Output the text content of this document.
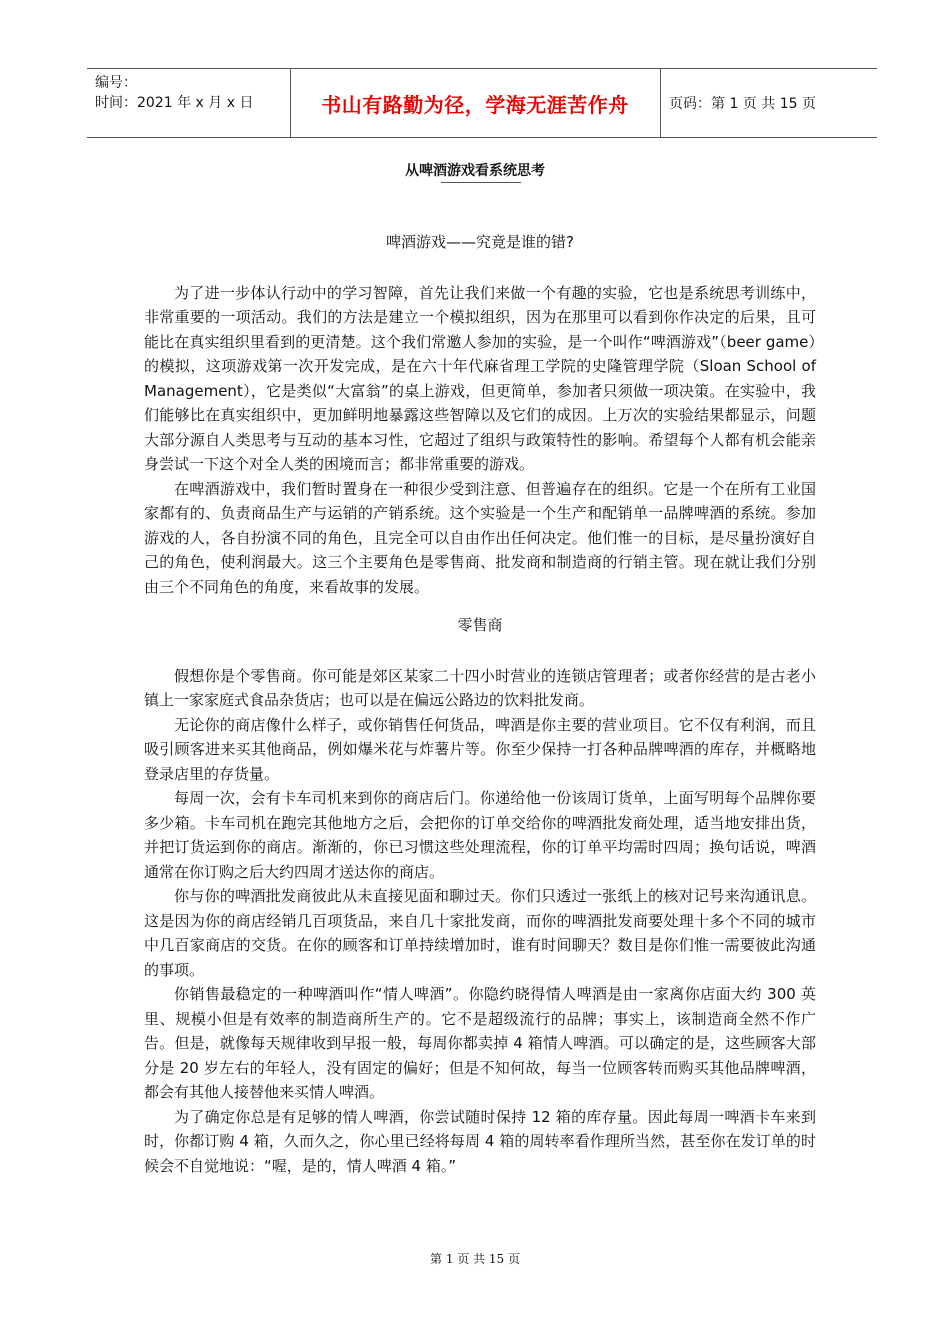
编号：
时间：2021 年 x 月 x 日	书山有路勤为径，学海无涯苦作舟	页码：第 1 页 共 15 页
从啤酒游戏看系统思考
啤酒游戏——究竟是谁的错?

为了进一步体认行动中的学习智障，首先让我们来做一个有趣的实验，它也是系统思考训练中，非常重要的一项活动。我们的方法是建立一个模拟组织，因为在那里可以看到你作决定的后果，且可能比在真实组织里看到的更清楚。这个我们常邀人参加的实验，是一个叫作“啤酒游戏”（beer game）的模拟，这项游戏第一次开发完成，是在六十年代麻省理工学院的史隆管理学院（Sloan School of Management），它是类似“大富翁”的桌上游戏，但更简单，参加者只须做一项决策。在实验中，我们能够比在真实组织中，更加鲜明地暴露这些智障以及它们的成因。上万次的实验结果都显示，问题大部分源自人类思考与互动的基本习性，它超过了组织与政策特性的影响。希望每个人都有机会能亲身尝试一下这个对全人类的困境而言；都非常重要的游戏。

在啤酒游戏中，我们暂时置身在一种很少受到注意、但普遍存在的组织。它是一个在所有工业国家都有的、负责商品生产与运销的产销系统。这个实验是一个生产和配销单一品牌啤酒的系统。参加游戏的人，各自扮演不同的角色，且完全可以自由作出任何决定。他们惟一的目标，是尽量扮演好自己的角色，使利润最大。这三个主要角色是零售商、批发商和制造商的行销主管。现在就让我们分别由三个不同角色的角度，来看故事的发展。

零售商

假想你是个零售商。你可能是郊区某家二十四小时营业的连锁店管理者；或者你经营的是古老小镇上一家家庭式食品杂货店；也可以是在偏远公路边的饮料批发商。

无论你的商店像什么样子，或你销售任何货品，啤酒是你主要的营业项目。它不仅有利润，而且吸引顾客进来买其他商品，例如爆米花与炸薯片等。你至少保持一打各种品牌啤酒的库存，并概略地登录店里的存货量。

每周一次，会有卡车司机来到你的商店后门。你递给他一份该周订货单，上面写明每个品牌你要多少箱。卡车司机在跑完其他地方之后，会把你的订单交给你的啤酒批发商处理，适当地安排出货，并把订货运到你的商店。渐渐的，你已习惯这些处理流程，你的订单平均需时四周；换句话说，啤酒通常在你订购之后大约四周才送达你的商店。

你与你的啤酒批发商彼此从未直接见面和聊过天。你们只透过一张纸上的核对记号来沟通讯息。这是因为你的商店经销几百项货品，来自几十家批发商，而你的啤酒批发商要处理十多个不同的城市中几百家商店的交货。在你的顾客和订单持续增加时，谁有时间聊天？数目是你们惟一需要彼此沟通的事项。

你销售最稳定的一种啤酒叫作“情人啤酒”。你隐约晓得情人啤酒是由一家离你店面大约 300 英里、规模小但是有效率的制造商所生产的。它不是超级流行的品牌；事实上，该制造商全然不作广告。但是，就像每天规律收到早报一般，每周你都卖掉 4 箱情人啤酒。可以确定的是，这些顾客大部分是 20 岁左右的年轻人，没有固定的偏好；但是不知何故，每当一位顾客转而购买其他品牌啤酒，都会有其他人接替他来买情人啤酒。

为了确定你总是有足够的情人啤酒，你尝试随时保持 12 箱的库存量。因此每周一啤酒卡车来到时，你都订购 4 箱，久而久之，你心里已经将每周 4 箱的周转率看作理所当然，甚至你在发订单的时候会不自觉地说：“喔，是的，情人啤酒 4 箱。”

第 1 页 共 15 页
